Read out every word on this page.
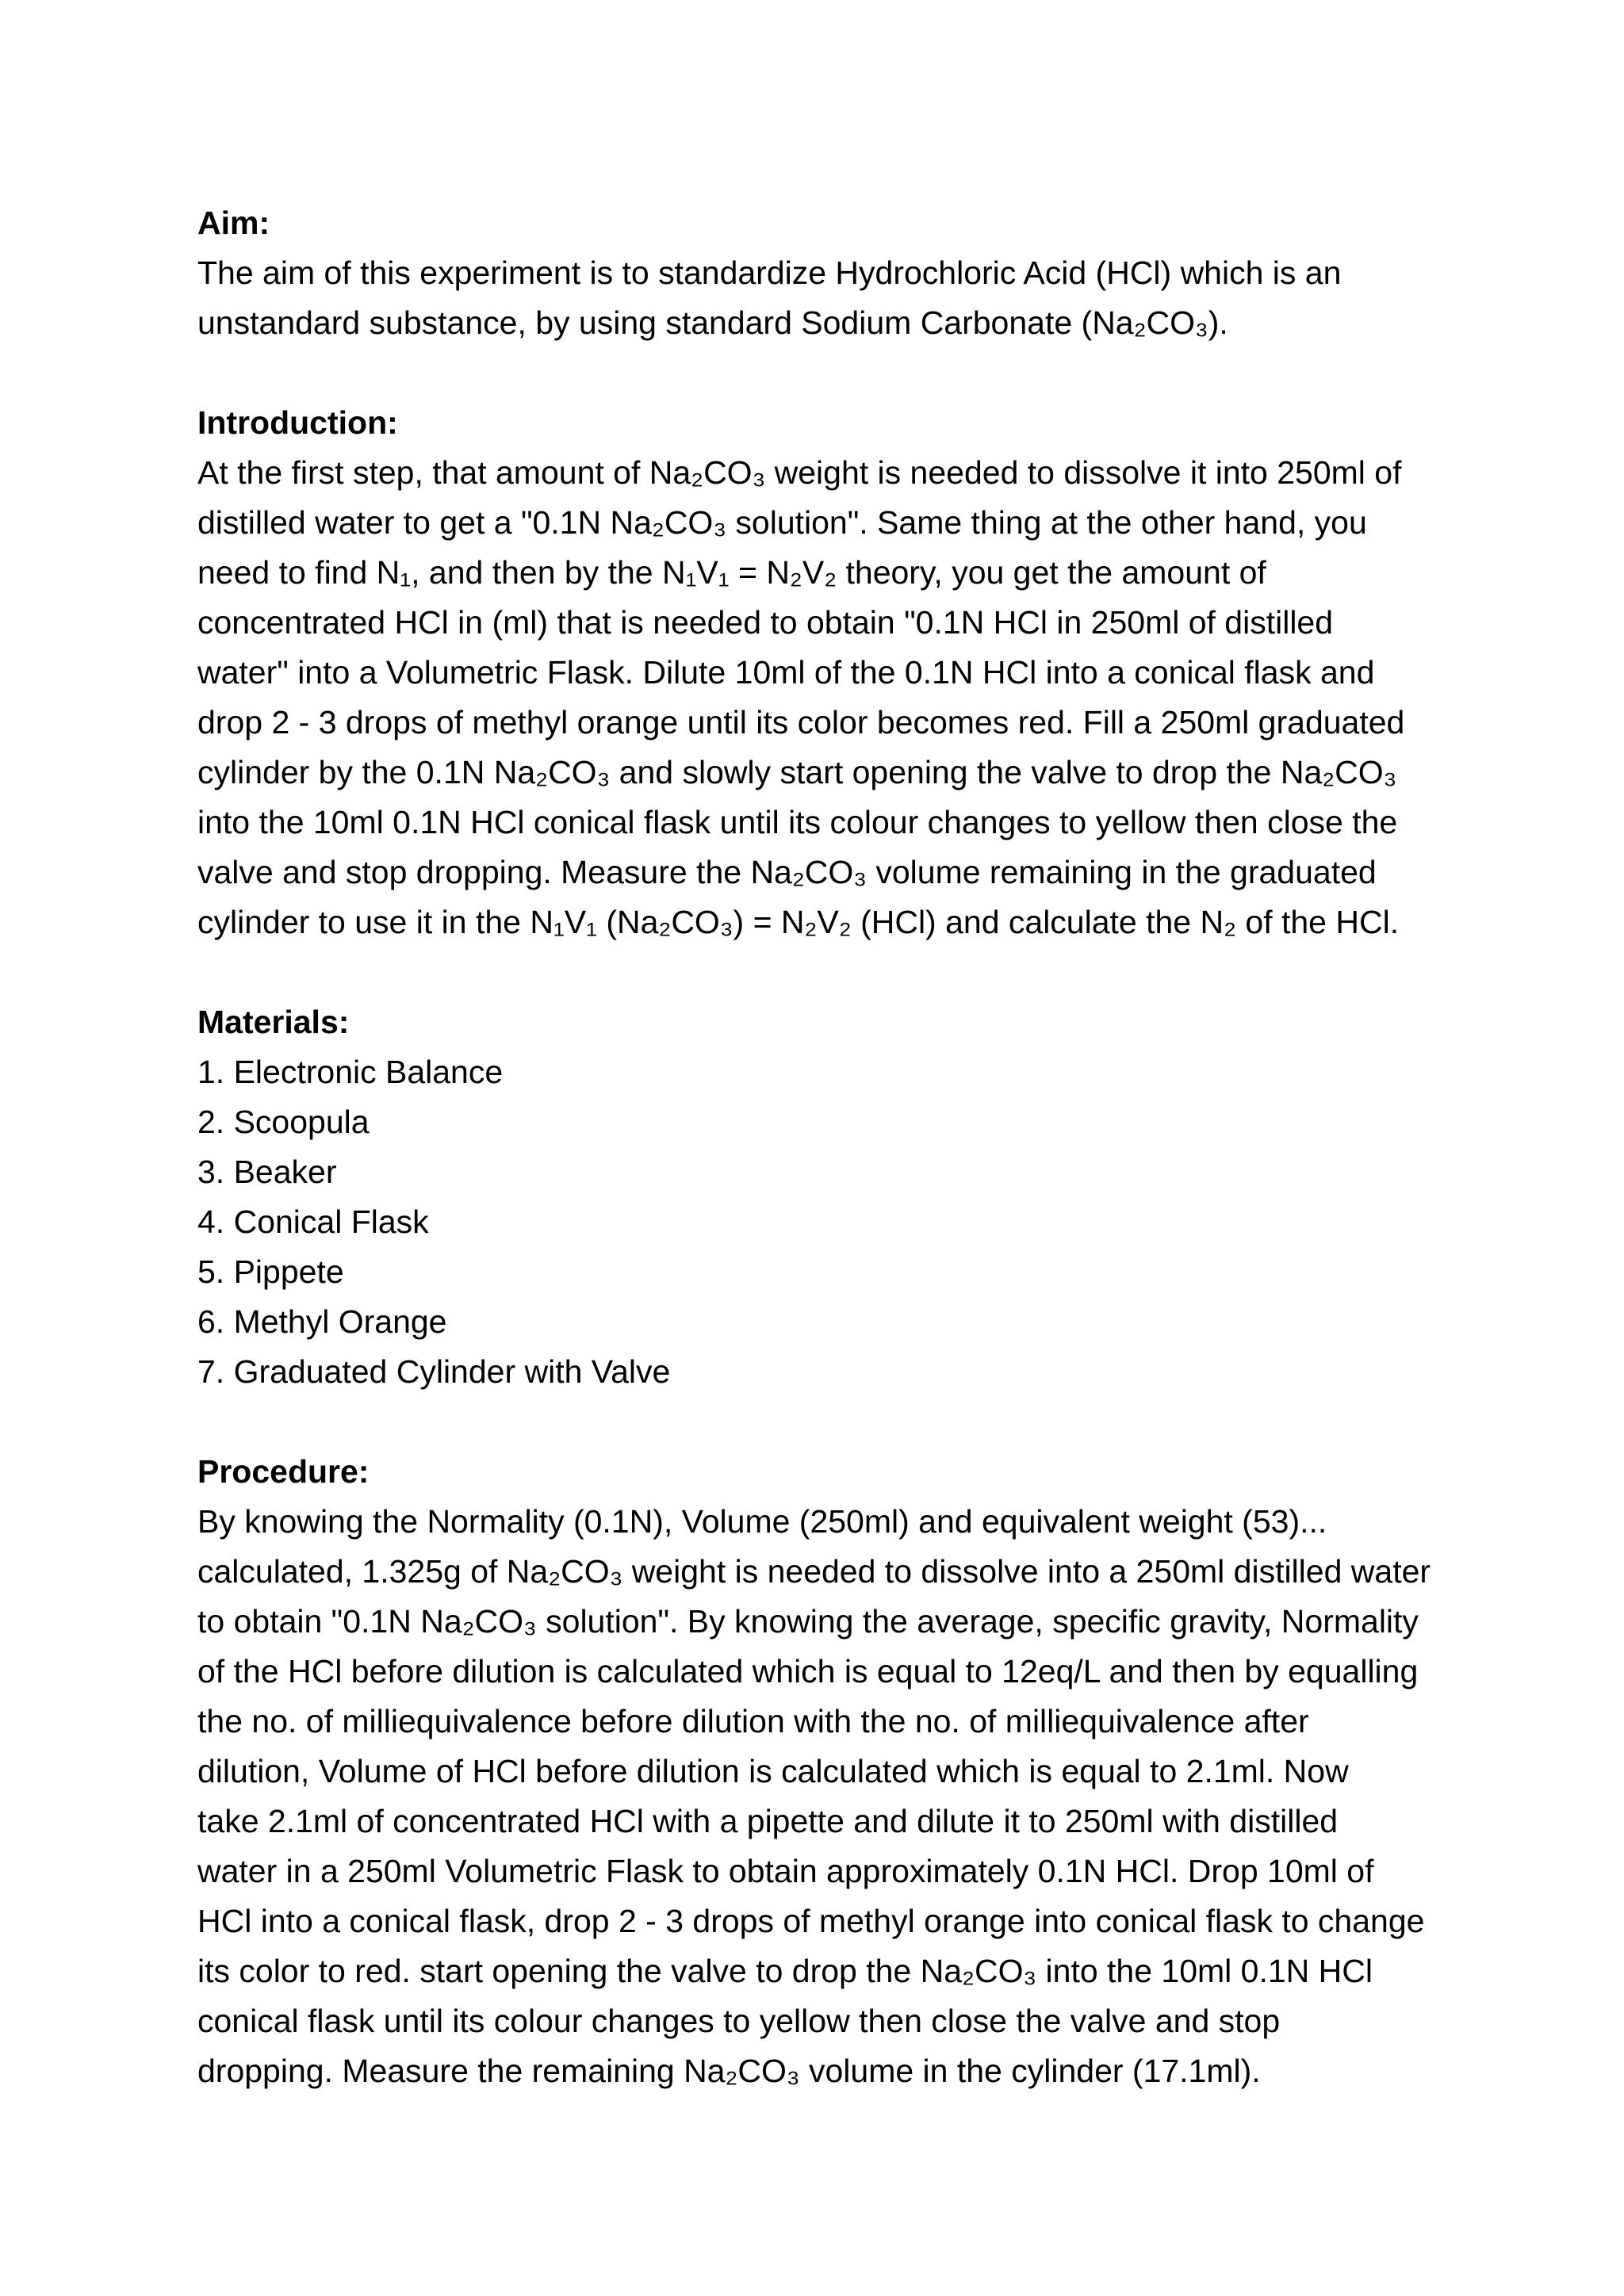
Aim:
The aim of this experiment is to standardize Hydrochloric Acid (HCl) which is an
unstandard substance, by using standard Sodium Carbonate (Na₂CO₃).
Introduction:
At the first step, that amount of Na₂CO₃ weight is needed to dissolve it into 250ml of
distilled water to get a "0.1N Na₂CO₃ solution". Same thing at the other hand, you
need to find N₁, and then by the N₁V₁ = N₂V₂ theory, you get the amount of
concentrated HCl in (ml) that is needed to obtain "0.1N HCl in 250ml of distilled
water" into a Volumetric Flask. Dilute 10ml of the 0.1N HCl into a conical flask and
drop 2 - 3 drops of methyl orange until its color becomes red. Fill a 250ml graduated
cylinder by the 0.1N Na₂CO₃ and slowly start opening the valve to drop the Na₂CO₃
into the 10ml 0.1N HCl conical flask until its colour changes to yellow then close the
valve and stop dropping. Measure the Na₂CO₃ volume remaining in the graduated
cylinder to use it in the N₁V₁ (Na₂CO₃) = N₂V₂ (HCl) and calculate the N₂ of the HCl.
Materials:
1. Electronic Balance
2. Scoopula
3. Beaker
4. Conical Flask
5. Pippete
6. Methyl Orange
7. Graduated Cylinder with Valve
Procedure:
By knowing the Normality (0.1N), Volume (250ml) and equivalent weight (53)...
calculated, 1.325g of Na₂CO₃ weight is needed to dissolve into a 250ml distilled water
to obtain "0.1N Na₂CO₃ solution". By knowing the average, specific gravity, Normality
of the HCl before dilution is calculated which is equal to 12eq/L and then by equalling
the no. of milliequivalence before dilution with the no. of milliequivalence after
dilution, Volume of HCl before dilution is calculated which is equal to 2.1ml. Now
take 2.1ml of concentrated HCl with a pipette and dilute it to 250ml with distilled
water in a 250ml Volumetric Flask to obtain approximately 0.1N HCl. Drop 10ml of
HCl into a conical flask, drop 2 - 3 drops of methyl orange into conical flask to change
its color to red. start opening the valve to drop the Na₂CO₃ into the 10ml 0.1N HCl
conical flask until its colour changes to yellow then close the valve and stop
dropping. Measure the remaining Na₂CO₃ volume in the cylinder (17.1ml).
